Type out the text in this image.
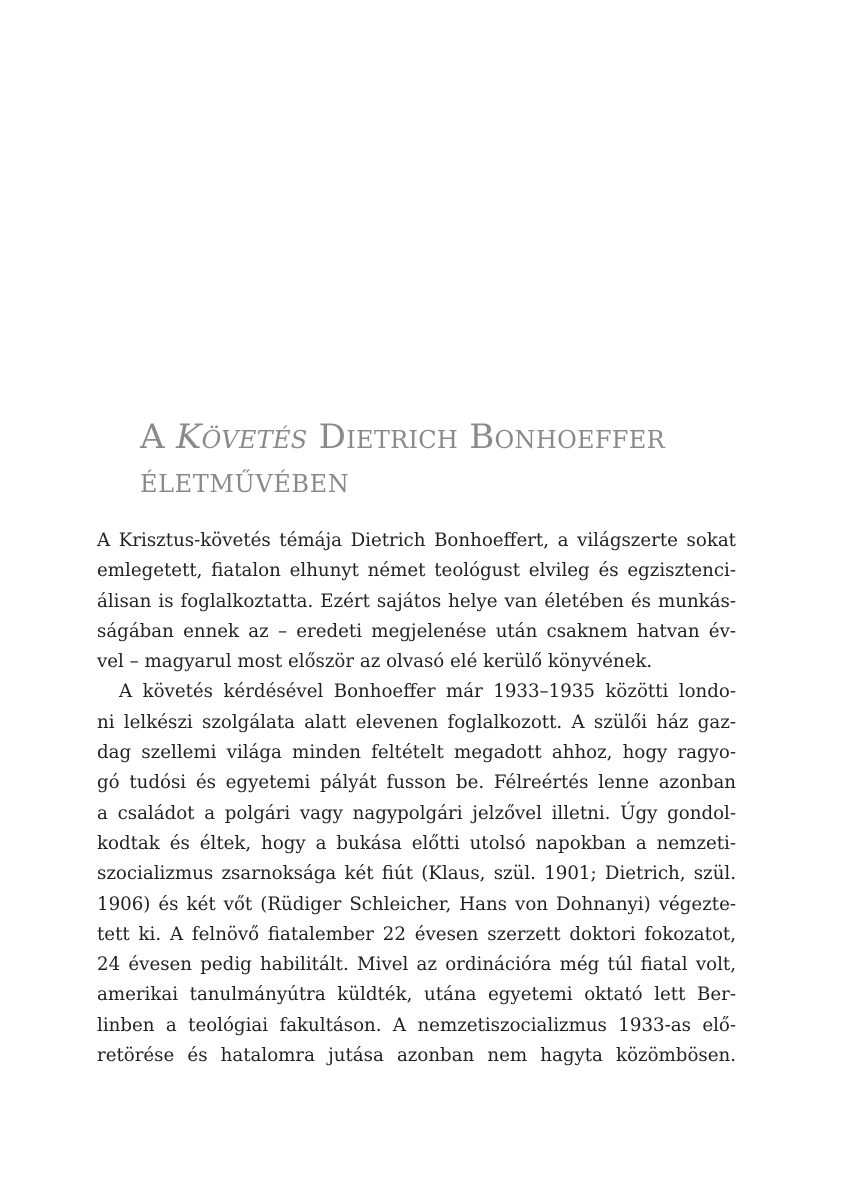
A Követés Dietrich Bonhoeffer
ÉLETMŰVÉBEN
A Krisztus-követés témája Dietrich Bonhoeffert, a világszerte sokat
emlegetett, fiatalon elhunyt német teológust elvileg és egzisztenci-
álisan is foglalkoztatta. Ezért sajátos helye van életében és munkás-
ságában ennek az – eredeti megjelenése után csaknem hatvan év-
vel – magyarul most először az olvasó elé kerülő könyvének.
A követés kérdésével Bonhoeffer már 1933–1935 közötti londo-
ni lelkészi szolgálata alatt elevenen foglalkozott. A szülői ház gaz-
dag szellemi világa minden feltételt megadott ahhoz, hogy ragyo-
gó tudósi és egyetemi pályát fusson be. Félreértés lenne azonban
a családot a polgári vagy nagypolgári jelzővel illetni. Úgy gondol-
kodtak és éltek, hogy a bukása előtti utolsó napokban a nemzeti-
szocializmus zsarnoksága két fiút (Klaus, szül. 1901; Dietrich, szül.
1906) és két vőt (Rüdiger Schleicher, Hans von Dohnanyi) végezte-
tett ki. A felnövő fiatalember 22 évesen szerzett doktori fokozatot,
24 évesen pedig habilitált. Mivel az ordinációra még túl fiatal volt,
amerikai tanulmányútra küldték, utána egyetemi oktató lett Ber-
linben a teológiai fakultáson. A nemzetiszocializmus 1933-as elő-
retörése és hatalomra jutása azonban nem hagyta közömbösen.
